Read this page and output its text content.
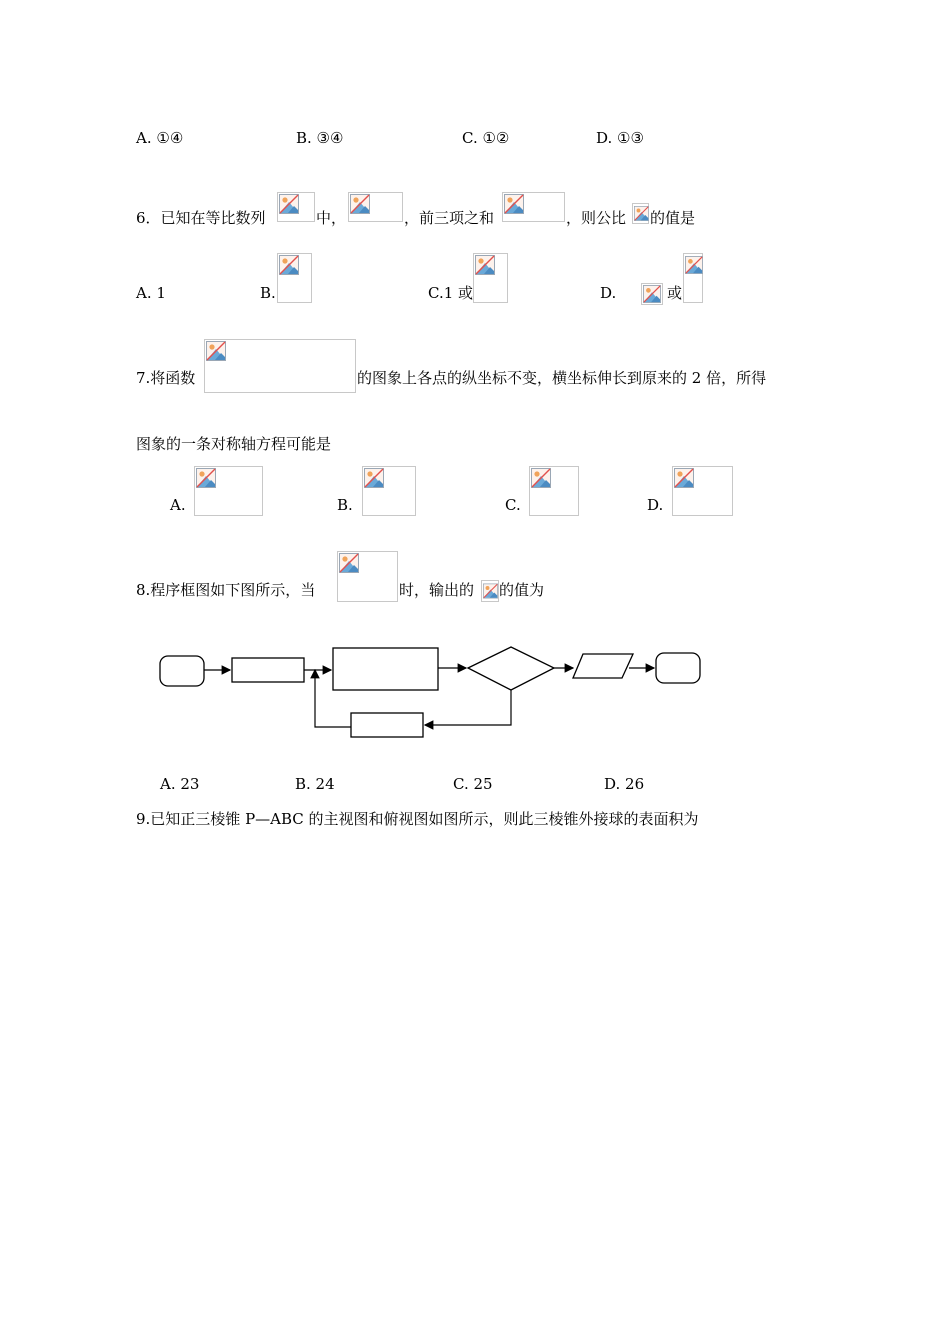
A. ①④	B. ③④	C. ①②	D. ①③
6．已知在等比数列	中，	，前三项之和	，则公比 的值是
A. 1	B.	C.1 或	D.	或
7.将函数	的图象上各点的纵坐标不变，横坐标伸长到原来的 2 倍，所得
图象的一条对称轴方程可能是
A.	B.	C.	D.
8.程序框图如下图所示，当	时，输出的 的值为
A. 23	B. 24	C. 25	D. 26
9.已知正三棱锥 P—ABC 的主视图和俯视图如图所示，则此三棱锥外接球的表面积为
